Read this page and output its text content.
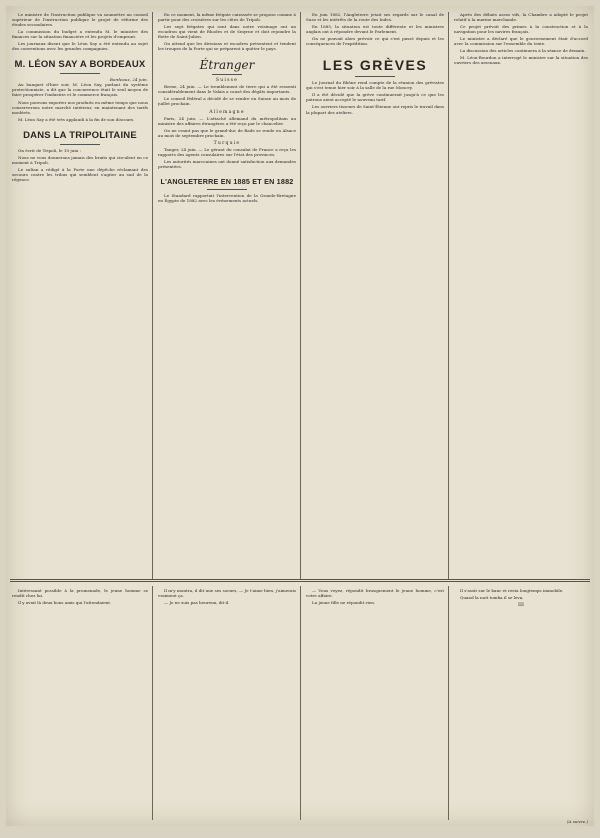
Le ministre de l'instruction publique va soumettre au conseil supérieur de l'instruction publique le projet de réforme des études secondaires.

La commission du budget a entendu M. le ministre des finances sur la situation financière et les projets d'emprunt.

Les journaux disent que le Léon Say a été entendu au sujet des conventions avec les grandes compagnies.

M. LÉON SAY A BORDEAUX
Bordeaux, 24 juin.

Au banquet d'hier soir, M. Léon Say, parlant du système protectionniste, a dit que la concurrence était le seul moyen de faire prospérer l'industrie et le commerce français.

Nous pouvons exporter nos produits en même temps que nous conserverons notre marché intérieur, en maintenant des tarifs modérés.

M. Léon Say a été très applaudi à la fin de son discours.

DANS LA TRIPOLITAINE

On écrit de Tripoli, le 10 juin :

Nous ne vous donnerons jamais des bruits qui circulent en ce moment à Tripoli.

Le sultan a rédigé à la Porte une dépêche réclamant des secours contre les tribus qui semblent s'agiter au sud de la régence.

En ce moment, la même frégate cuirassée se propose comme à partir pour des croisières sur les côtes de Tripoli.

Les sept frégates qui sont dans notre voisinage ont un escadron qui vient de Rhodes et de Smyrne et doit rejoindre la flotte de Saint-Julien.

On attend que les divisions et escadres présentent et tendent les troupes de la Porte qui se préparent à quitter le pays.

Étranger
Suisse

Berne, 24 juin. — Le tremblement de terre qui a été ressenti considérablement dans le Valais a causé des dégâts importants.

Le conseil fédéral a décidé de se rendre en Suisse au mois de juillet prochain.

Allemagne

Paris, 24 juin. — L'attaché allemand du métropolitain au ministre des affaires étrangères a été reçu par le chancelier.

On ne craint pas que le grand-duc de Bade se rende en Alsace au mois de septembre prochain.

Turquie

Tanger, 24 juin. — Le gérant du consulat de France a reçu les rapports des agents consulaires sur l'état des provinces.

Les autorités marocaines ont donné satisfaction aux demandes présentées.

L'ANGLETERRE EN 1885 ET EN 1882

Le Standard rapportait l'intervention de la Grande-Bretagne en Égypte de 1882 avec les événements actuels.

En juin 1882, l'Angleterre jetait ses regards sur le canal de Suez et les intérêts de la route des Indes.

En 1885, la situation est toute différente et les ministres anglais ont à répondre devant le Parlement.

On ne pouvait alors prévoir ce qui s'est passé depuis et les conséquences de l'expédition.

LES GRÈVES

Le Journal du Rhône rend compte de la réunion des grévistes qui s'est tenue hier soir à la salle de la rue Moncey.

Il a été décidé que la grève continuerait jusqu'à ce que les patrons aient accepté le nouveau tarif.

Les ouvriers tisseurs de Saint-Étienne ont repris le travail dans la plupart des ateliers.

Après des débats assez vifs, la Chambre a adopté le projet relatif à la marine marchande.

Ce projet prévoit des primes à la construction et à la navigation pour les navires français.

Le ministre a déclaré que le gouvernement était d'accord avec la commission sur l'ensemble du texte.

La discussion des articles continuera à la séance de demain.

M. Léon-Bourdon a interrogé le ministre sur la situation des ouvriers des arsenaux.

Intéressant possible à la promenade, le jeune homme se rendit chez lui.

Il y avait là deux bons amis qui l'attendaient.

Il m'y montra, il dit une ses soeurs, — Je t'aime bien, j'aimerais vraiment ça.

— Je ne suis pas heureux, dit-il.

— Vous voyez, répondit brusquement le jeune homme, c'est votre affaire.

La jeune fille ne répondit rien.

Il s'assit sur le banc et resta longtemps immobile.

Quand la nuit tomba il se leva.

III
(A suivre.)
